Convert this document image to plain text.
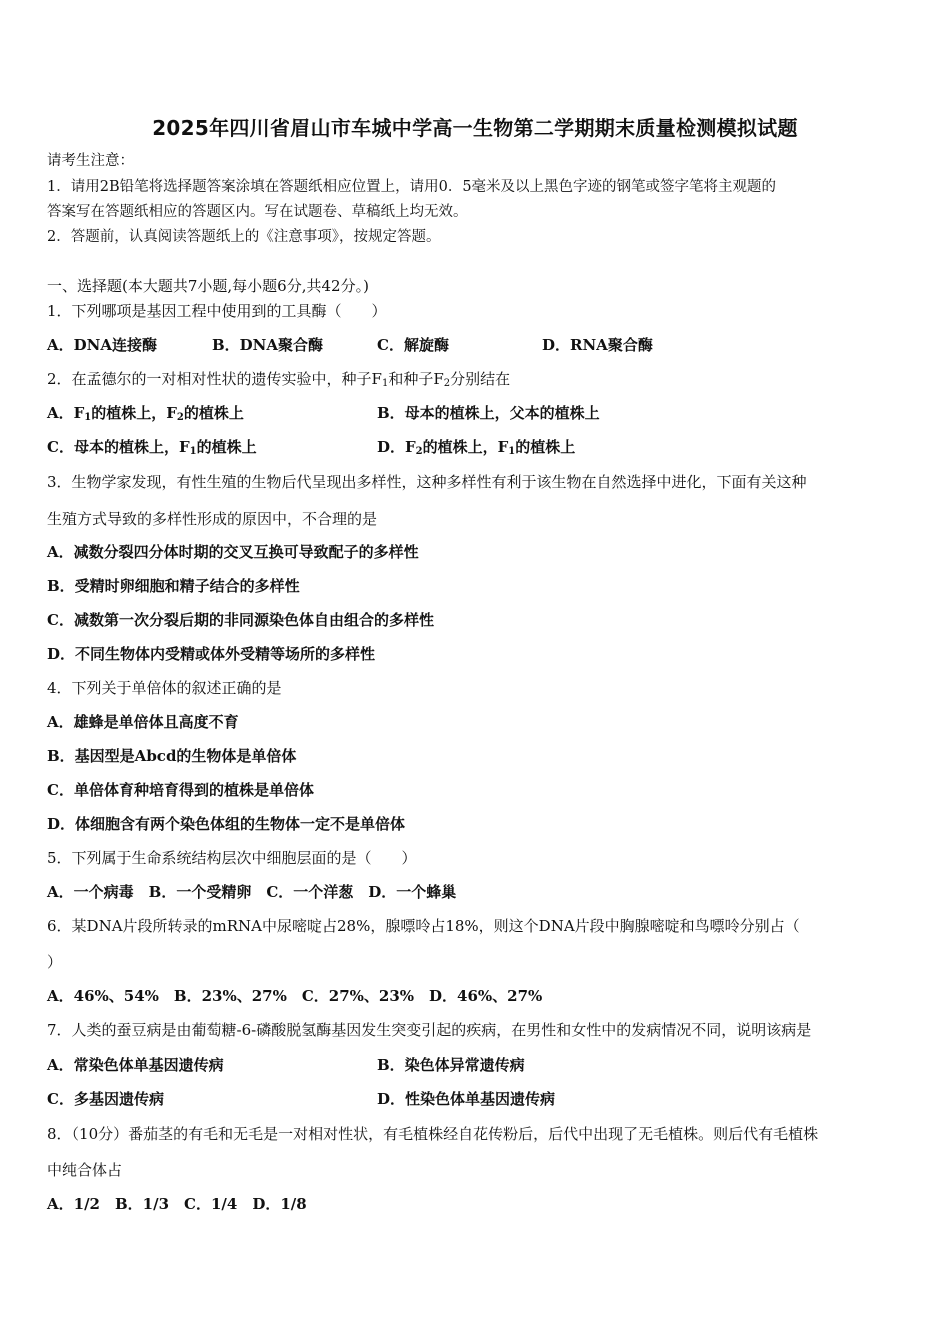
2025年四川省眉山市车城中学高一生物第二学期期末质量检测模拟试题
请考生注意：
1．请用2B铅笔将选择题答案涂填在答题纸相应位置上，请用0．5毫米及以上黑色字迹的钢笔或签字笔将主观题的
答案写在答题纸相应的答题区内。写在试题卷、草稿纸上均无效。
2．答题前，认真阅读答题纸上的《注意事项》，按规定答题。
一、选择题(本大题共7小题,每小题6分,共42分。)
1．下列哪项是基因工程中使用到的工具酶（　　）
A．DNA连接酶	B．DNA聚合酶	C．解旋酶	D．RNA聚合酶
2．在孟德尔的一对相对性状的遗传实验中，种子$F_1$和种子$F_2$分别结在
A．$F_1$的植株上，$F_2$的植株上	B．母本的植株上，父本的植株上
C．母本的植株上，$F_1$的植株上	D．$F_2$的植株上，$F_1$的植株上
3．生物学家发现，有性生殖的生物后代呈现出多样性，这种多样性有利于该生物在自然选择中进化，下面有关这种
生殖方式导致的多样性形成的原因中，不合理的是
A．减数分裂四分体时期的交叉互换可导致配子的多样性
B．受精时卵细胞和精子结合的多样性
C．减数第一次分裂后期的非同源染色体自由组合的多样性
D．不同生物体内受精或体外受精等场所的多样性
4．下列关于单倍体的叙述正确的是
A．雄蜂是单倍体且高度不育
B．基因型是Abcd的生物体是单倍体
C．单倍体育种培育得到的植株是单倍体
D．体细胞含有两个染色体组的生物体一定不是单倍体
5．下列属于生命系统结构层次中细胞层面的是（　　）
A．一个病毒　B．一个受精卵　C．一个洋葱　D．一个蜂巢
6．某DNA片段所转录的mRNA中尿嘧啶占28%，腺嘌呤占18%，则这个DNA片段中胸腺嘧啶和鸟嘌呤分别占（
）
A．46%、54%　B．23%、27%　C．27%、23%　D．46%、27%
7．人类的蚕豆病是由葡萄糖-6-磷酸脱氢酶基因发生突变引起的疾病，在男性和女性中的发病情况不同，说明该病是
A．常染色体单基因遗传病	B．染色体异常遗传病
C．多基因遗传病	D．性染色体单基因遗传病
8．（10分）番茄茎的有毛和无毛是一对相对性状，有毛植株经自花传粉后，后代中出现了无毛植株。则后代有毛植株
中纯合体占
A．1/2　B．1/3　C．1/4　D．1/8
